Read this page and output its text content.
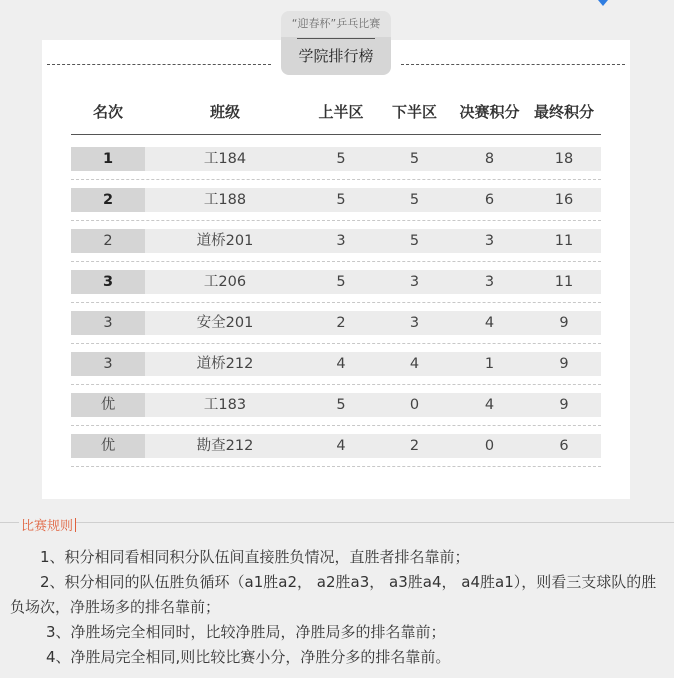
“迎春杯”乒乓比赛
学院排行榜
名次	班级	上半区	下半区	决赛积分 最终积分
1	工184	5	5	8	18
2	工188	5	5	6	16
2	道桥201	3	5	3	11
3	工206	5	3	3	11
3	安全201	2	3	4	9
3	道桥212	4	4	1	9
优	工183	5	0	4	9
优	勘查212	4	2	0	6
比赛规则
1、积分相同看相同积分队伍间直接胜负情况，直胜者排名靠前；
2、积分相同的队伍胜负循环（a1胜a2， a2胜a3， a3胜a4， a4胜a1），则看三支球队的胜负场次，净胜场多的排名靠前；
3、净胜场完全相同时，比较净胜局，净胜局多的排名靠前；
4、净胜局完全相同,则比较比赛小分，净胜分多的排名靠前。
